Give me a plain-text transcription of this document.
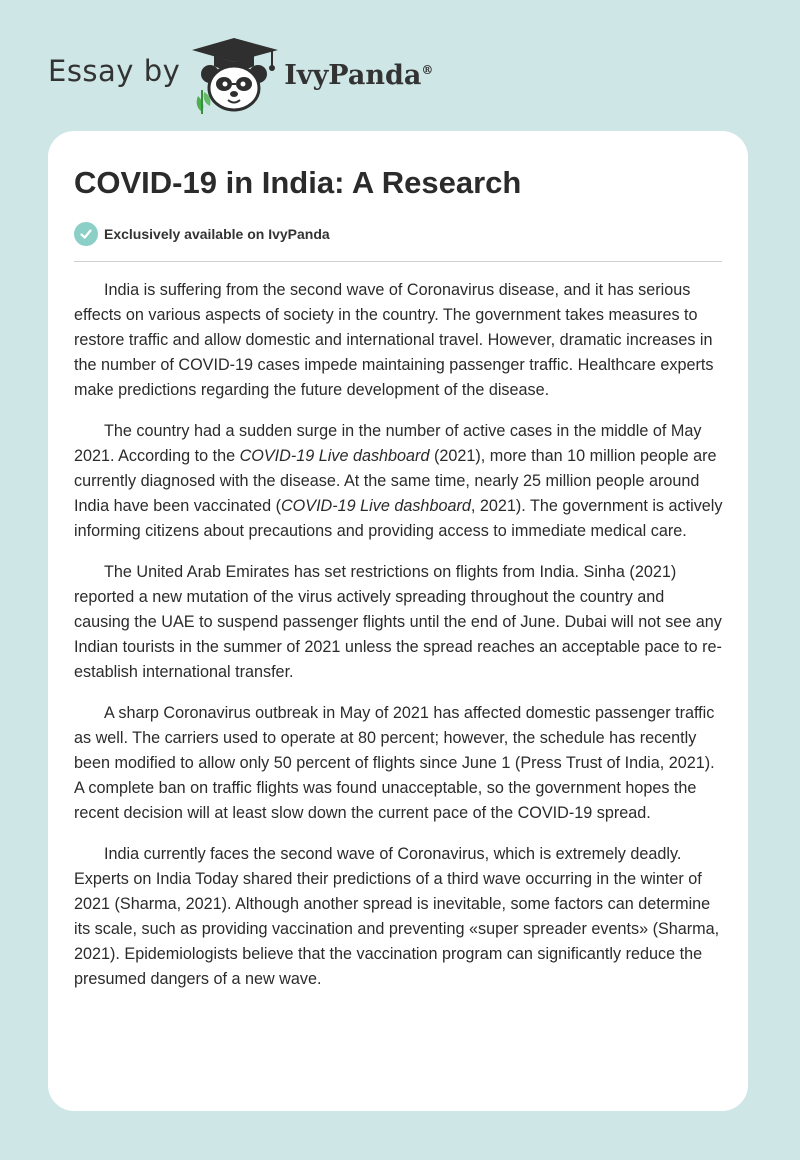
Essay by	IvyPanda®
COVID-19 in India: A Research
Exclusively available on IvyPanda

India is suffering from the second wave of Coronavirus disease, and it has serious effects on various aspects of society in the country. The government takes measures to restore traffic and allow domestic and international travel. However, dramatic increases in the number of COVID-19 cases impede maintaining passenger traffic. Healthcare experts make predictions regarding the future development of the disease.

The country had a sudden surge in the number of active cases in the middle of May 2021. According to the COVID-19 Live dashboard (2021), more than 10 million people are currently diagnosed with the disease. At the same time, nearly 25 million people around India have been vaccinated (COVID-19 Live dashboard, 2021). The government is actively informing citizens about precautions and providing access to immediate medical care.

The United Arab Emirates has set restrictions on flights from India. Sinha (2021) reported a new mutation of the virus actively spreading throughout the country and causing the UAE to suspend passenger flights until the end of June. Dubai will not see any Indian tourists in the summer of 2021 unless the spread reaches an acceptable pace to re-establish international transfer.

A sharp Coronavirus outbreak in May of 2021 has affected domestic passenger traffic as well. The carriers used to operate at 80 percent; however, the schedule has recently been modified to allow only 50 percent of flights since June 1 (Press Trust of India, 2021). A complete ban on traffic flights was found unacceptable, so the government hopes the recent decision will at least slow down the current pace of the COVID-19 spread.

India currently faces the second wave of Coronavirus, which is extremely deadly. Experts on India Today shared their predictions of a third wave occurring in the winter of 2021 (Sharma, 2021). Although another spread is inevitable, some factors can determine its scale, such as providing vaccination and preventing «super spreader events» (Sharma, 2021). Epidemiologists believe that the vaccination program can significantly reduce the presumed dangers of a new wave.
